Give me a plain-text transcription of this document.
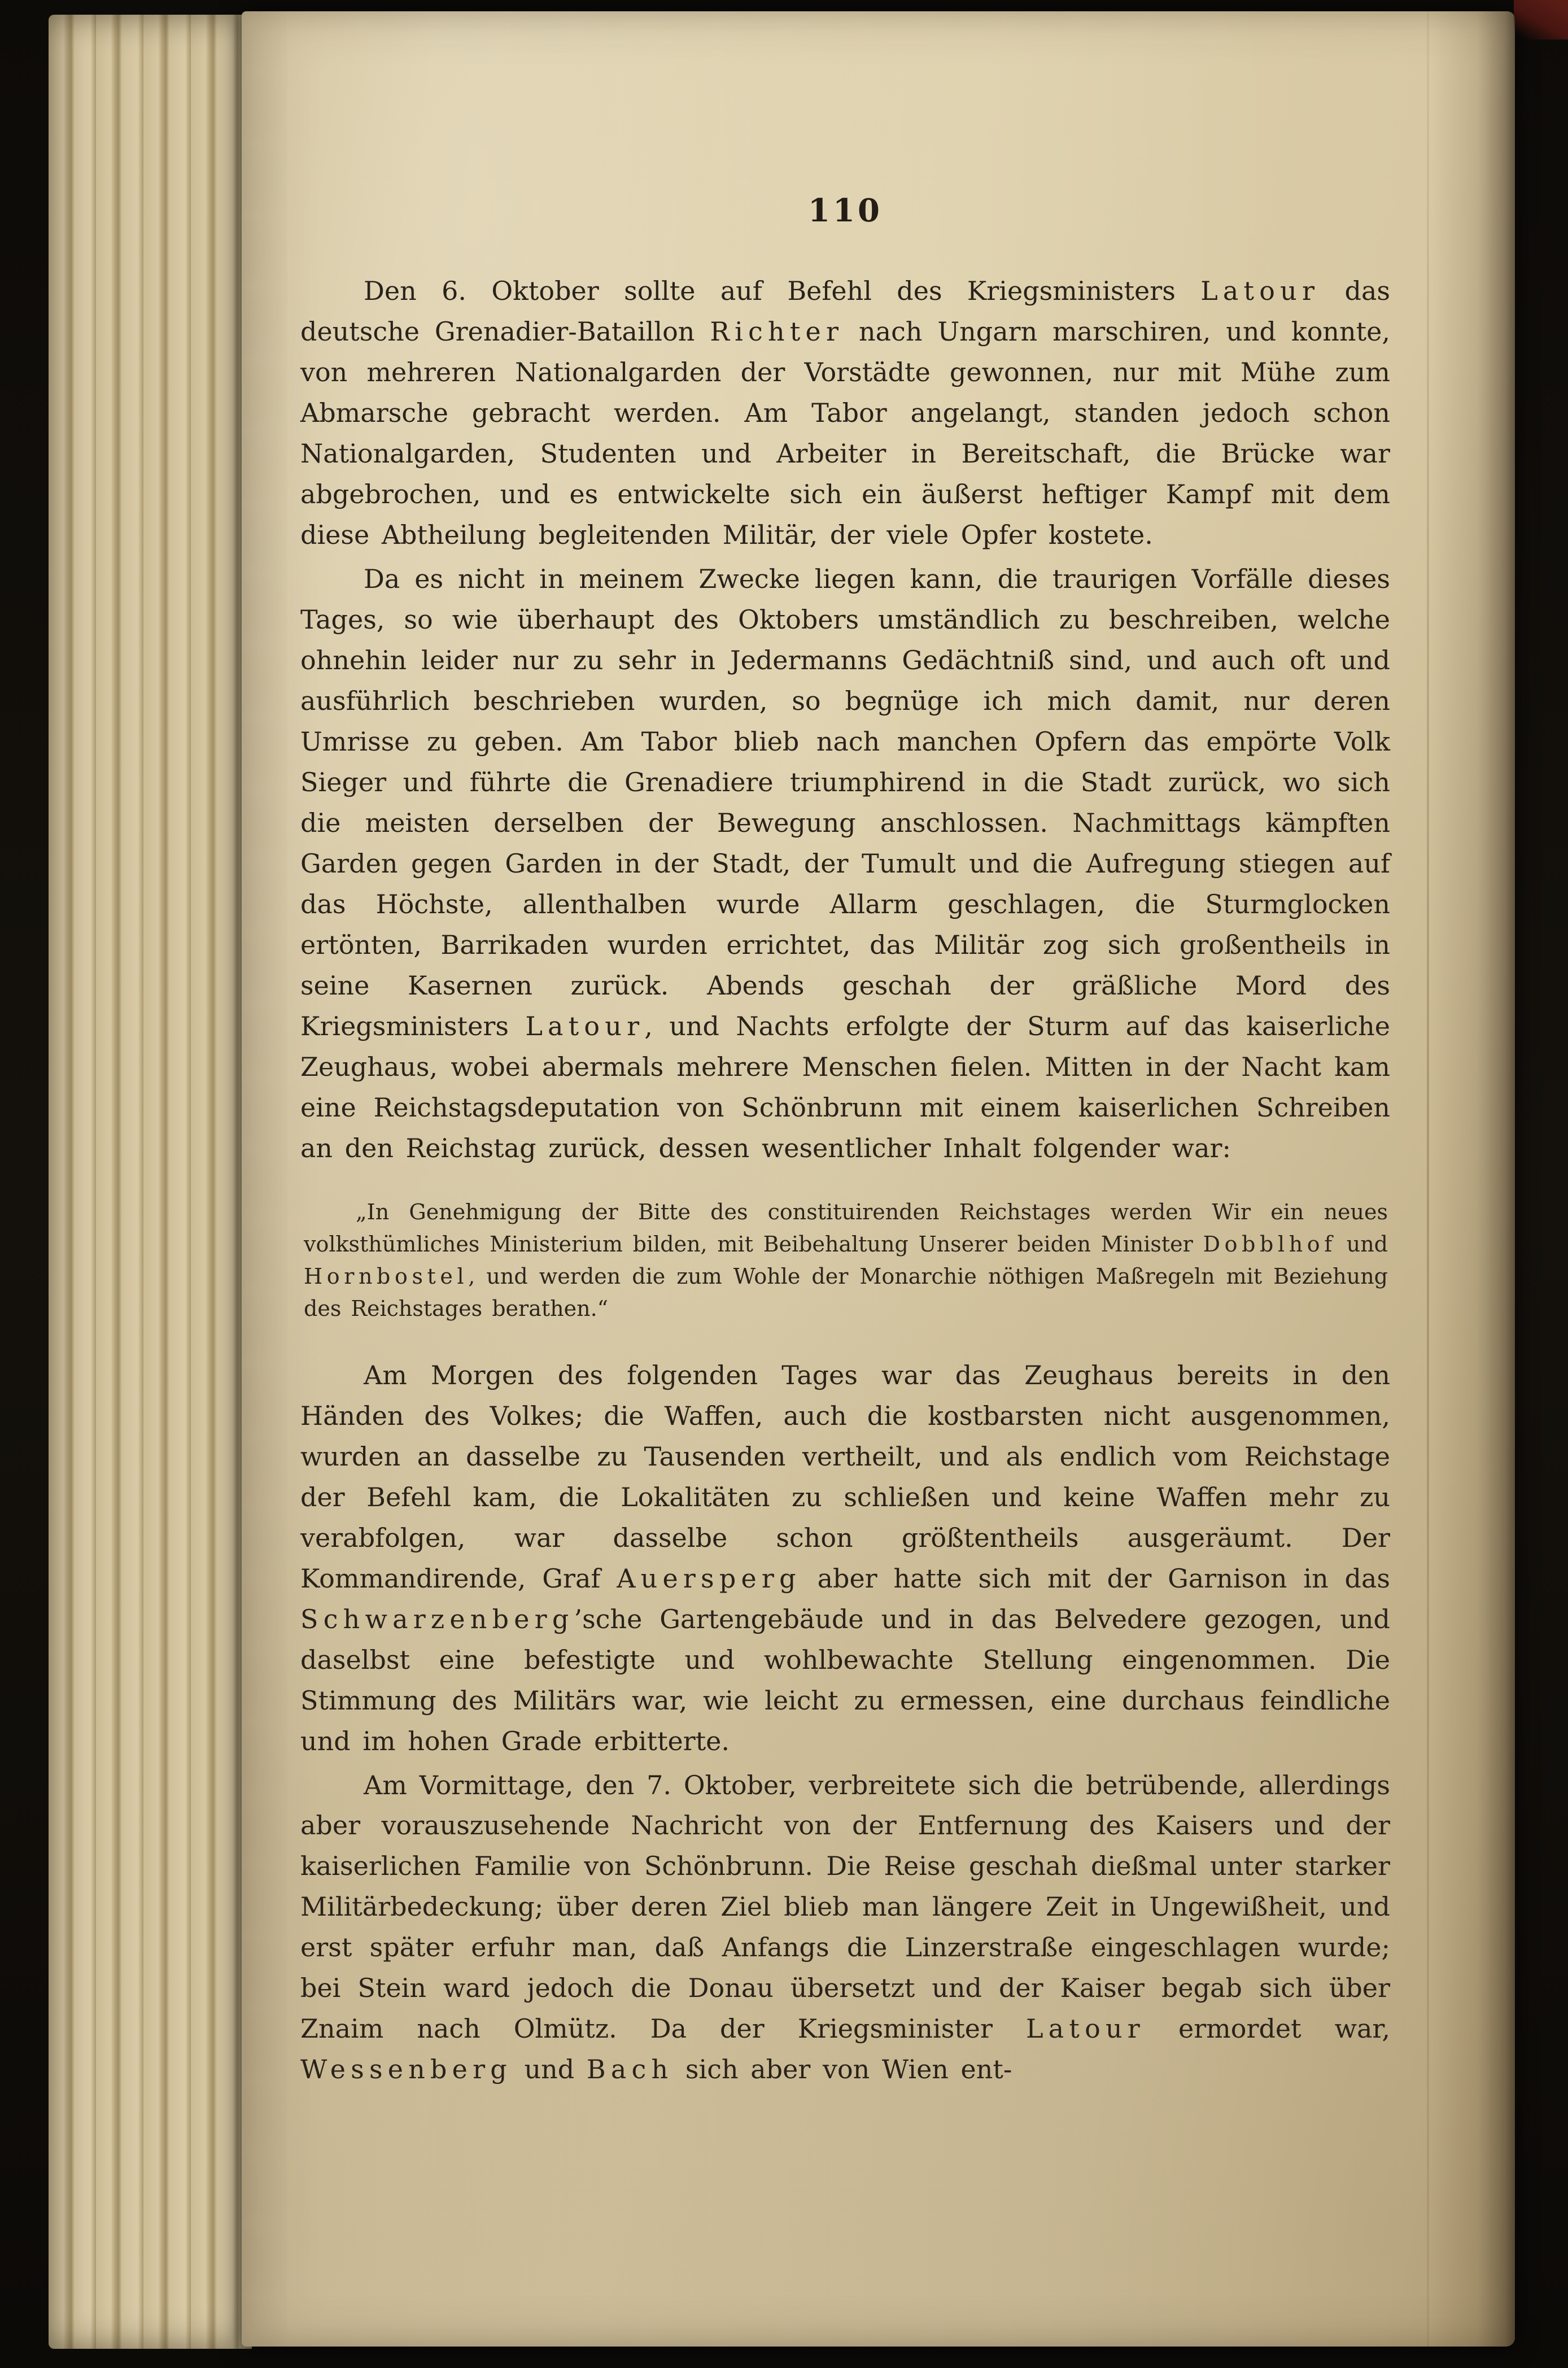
110

Den 6. Oktober sollte auf Befehl des Kriegsministers Latour das deutsche Grenadier-Bataillon Richter nach Ungarn marschiren, und konnte, von mehreren Nationalgarden der Vorstädte gewonnen, nur mit Mühe zum Abmarsche gebracht werden. Am Tabor angelangt, standen jedoch schon Nationalgarden, Studenten und Arbeiter in Bereitschaft, die Brücke war abgebrochen, und es entwickelte sich ein äußerst heftiger Kampf mit dem diese Abtheilung begleitenden Militär, der viele Opfer kostete.

Da es nicht in meinem Zwecke liegen kann, die traurigen Vorfälle dieses Tages, so wie überhaupt des Oktobers umständlich zu beschreiben, welche ohnehin leider nur zu sehr in Jedermanns Gedächtniß sind, und auch oft und ausführlich beschrieben wurden, so begnüge ich mich damit, nur deren Umrisse zu geben. Am Tabor blieb nach manchen Opfern das empörte Volk Sieger und führte die Grenadiere triumphirend in die Stadt zurück, wo sich die meisten derselben der Bewegung anschlossen. Nachmittags kämpften Garden gegen Garden in der Stadt, der Tumult und die Aufregung stiegen auf das Höchste, allenthalben wurde Allarm geschlagen, die Sturmglocken ertönten, Barrikaden wurden errichtet, das Militär zog sich großentheils in seine Kasernen zurück. Abends geschah der gräßliche Mord des Kriegsministers Latour, und Nachts erfolgte der Sturm auf das kaiserliche Zeughaus, wobei abermals mehrere Menschen fielen. Mitten in der Nacht kam eine Reichstagsdeputation von Schönbrunn mit einem kaiserlichen Schreiben an den Reichstag zurück, dessen wesentlicher Inhalt folgender war:

„In Genehmigung der Bitte des constituirenden Reichstages werden Wir ein neues volksthümliches Ministerium bilden, mit Beibehaltung Unserer beiden Minister Dobblhof und Hornbostel, und werden die zum Wohle der Monarchie nöthigen Maßregeln mit Beziehung des Reichstages berathen.“

Am Morgen des folgenden Tages war das Zeughaus bereits in den Händen des Volkes; die Waffen, auch die kostbarsten nicht ausgenommen, wurden an dasselbe zu Tausenden vertheilt, und als endlich vom Reichstage der Befehl kam, die Lokalitäten zu schließen und keine Waffen mehr zu verabfolgen, war dasselbe schon größtentheils ausgeräumt. Der Kommandirende, Graf Auersperg aber hatte sich mit der Garnison in das Schwarzenberg’sche Gartengebäude und in das Belvedere gezogen, und daselbst eine befestigte und wohlbewachte Stellung eingenommen. Die Stimmung des Militärs war, wie leicht zu ermessen, eine durchaus feindliche und im hohen Grade erbitterte.

Am Vormittage, den 7. Oktober, verbreitete sich die betrübende, allerdings aber vorauszusehende Nachricht von der Entfernung des Kaisers und der kaiserlichen Familie von Schönbrunn. Die Reise geschah dießmal unter starker Militärbedeckung; über deren Ziel blieb man längere Zeit in Ungewißheit, und erst später erfuhr man, daß Anfangs die Linzerstraße eingeschlagen wurde; bei Stein ward jedoch die Donau übersetzt und der Kaiser begab sich über Znaim nach Olmütz. Da der Kriegsminister Latour ermordet war, Wessenberg und Bach sich aber von Wien ent-
